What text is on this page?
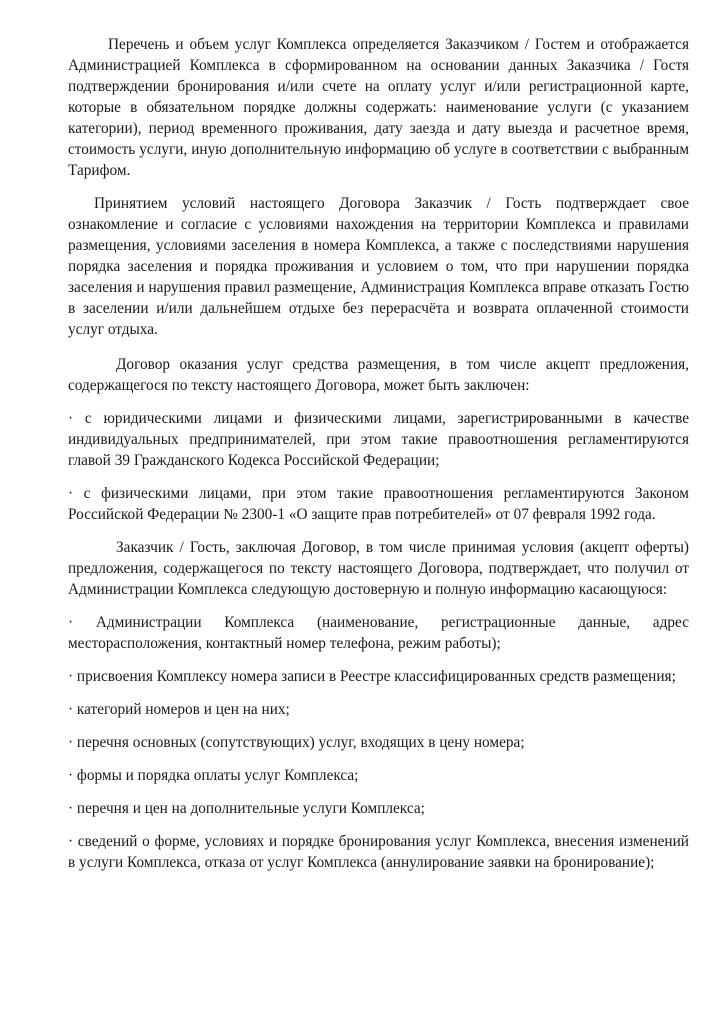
Перечень и объем услуг Комплекса определяется Заказчиком / Гостем и отображается Администрацией Комплекса в сформированном на основании данных Заказчика / Гостя подтверждении бронирования и/или счете на оплату услуг и/или регистрационной карте, которые в обязательном порядке должны содержать: наименование услуги (с указанием категории), период временного проживания, дату заезда и дату выезда и расчетное время, стоимость услуги, иную дополнительную информацию об услуге в соответствии с выбранным Тарифом.

Принятием условий настоящего Договора Заказчик / Гость подтверждает свое ознакомление и согласие с условиями нахождения на территории Комплекса и правилами размещения, условиями заселения в номера Комплекса, а также с последствиями нарушения порядка заселения и порядка проживания и условием о том, что при нарушении порядка заселения и нарушения правил размещение, Администрация Комплекса вправе отказать Гостю в заселении и/или дальнейшем отдыхе без перерасчёта и возврата оплаченной стоимости услуг отдыха.

Договор оказания услуг средства размещения, в том числе акцепт предложения, содержащегося по тексту настоящего Договора, может быть заключен:

· с юридическими лицами и физическими лицами, зарегистрированными в качестве индивидуальных предпринимателей, при этом такие правоотношения регламентируются главой 39 Гражданского Кодекса Российской Федерации;

· с физическими лицами, при этом такие правоотношения регламентируются Законом Российской Федерации № 2300-1 «О защите прав потребителей» от 07 февраля 1992 года.

Заказчик / Гость, заключая Договор, в том числе принимая условия (акцепт оферты) предложения, содержащегося по тексту настоящего Договора, подтверждает, что получил от Администрации Комплекса следующую достоверную и полную информацию касающуюся:

· Администрации Комплекса (наименование, регистрационные данные, адрес месторасположения, контактный номер телефона, режим работы);

· присвоения Комплексу номера записи в Реестре классифицированных средств размещения;

· категорий номеров и цен на них;

· перечня основных (сопутствующих) услуг, входящих в цену номера;

· формы и порядка оплаты услуг Комплекса;

· перечня и цен на дополнительные услуги Комплекса;

· сведений о форме, условиях и порядке бронирования услуг Комплекса, внесения изменений в услуги Комплекса, отказа от услуг Комплекса (аннулирование заявки на бронирование);
